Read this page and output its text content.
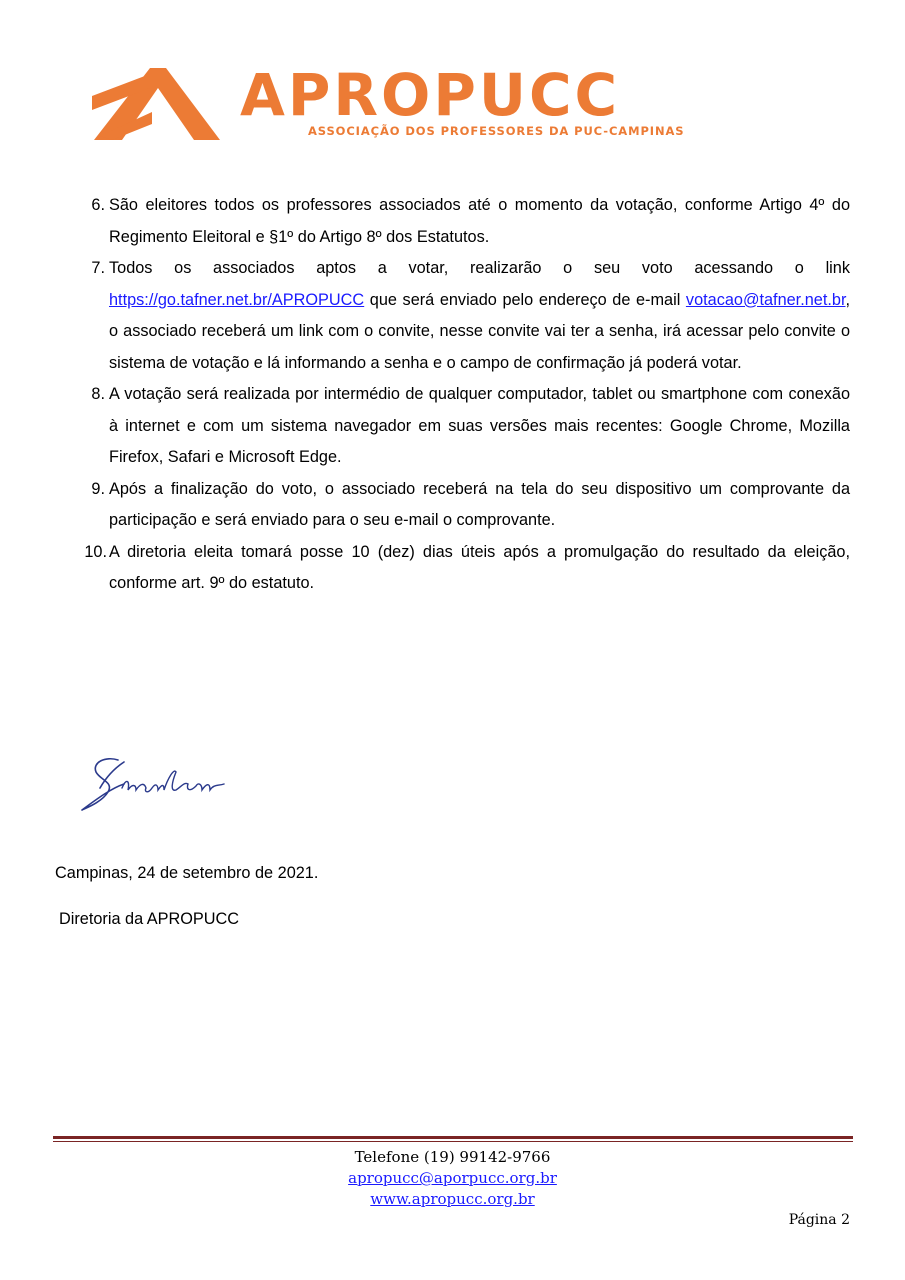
APROPUCC
ASSOCIAÇÃO DOS PROFESSORES DA PUC-CAMPINAS
6. São eleitores todos os professores associados até o momento da votação, conforme Artigo 4º do Regimento Eleitoral e §1º do Artigo 8º dos Estatutos.
7. Todos os associados aptos a votar, realizarão o seu voto acessando o link https://go.tafner.net.br/APROPUCC que será enviado pelo endereço de e-mail votacao@tafner.net.br, o associado receberá um link com o convite, nesse convite vai ter a senha, irá acessar pelo convite o sistema de votação e lá informando a senha e o campo de confirmação já poderá votar.
8. A votação será realizada por intermédio de qualquer computador, tablet ou smartphone com conexão à internet e com um sistema navegador em suas versões mais recentes: Google Chrome, Mozilla Firefox, Safari e Microsoft Edge.
9. Após a finalização do voto, o associado receberá na tela do seu dispositivo um comprovante da participação e será enviado para o seu e-mail o comprovante.
10. A diretoria eleita tomará posse 10 (dez) dias úteis após a promulgação do resultado da eleição, conforme art. 9º do estatuto.
Campinas, 24 de setembro de 2021.
Diretoria da APROPUCC
Telefone (19) 99142-9766
apropucc@aporpucc.org.br
www.apropucc.org.br
Página 2
